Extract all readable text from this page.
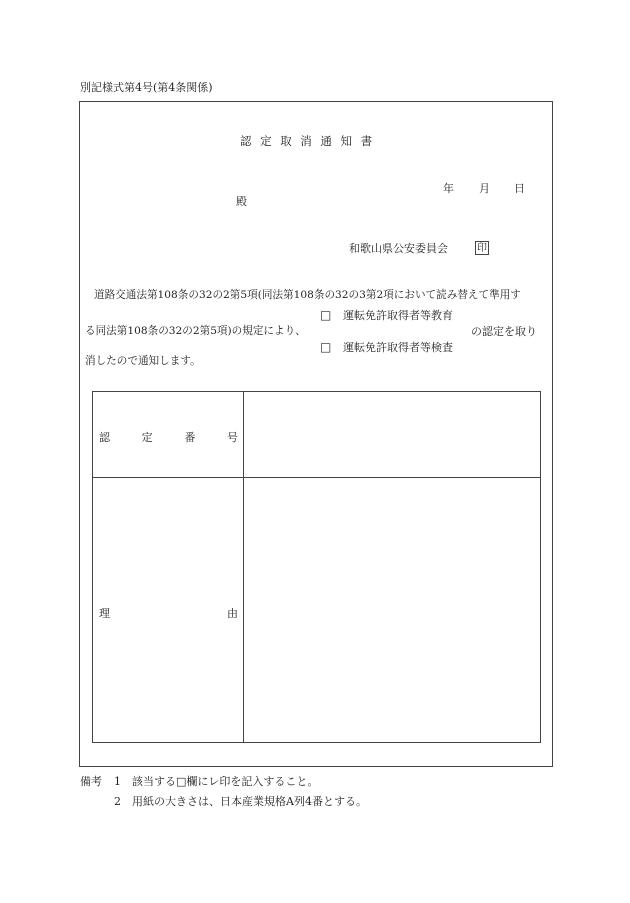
別記様式第4号(第4条関係)
認定取消通知書
年 月 日
殿
和歌山県公安委員会	印
道路交通法第108条の32の2第5項(同法第108条の32の3第2項において読み替えて準用す
□ 運転免許取得者等教育
る同法第108条の32の2第5項)の規定により、	の認定を取り
□ 運転免許取得者等検査
消したので通知します。
認	定	番	号
理	由
備考 1 該当する□欄にレ印を記入すること。
2 用紙の大きさは、日本産業規格A列4番とする。
